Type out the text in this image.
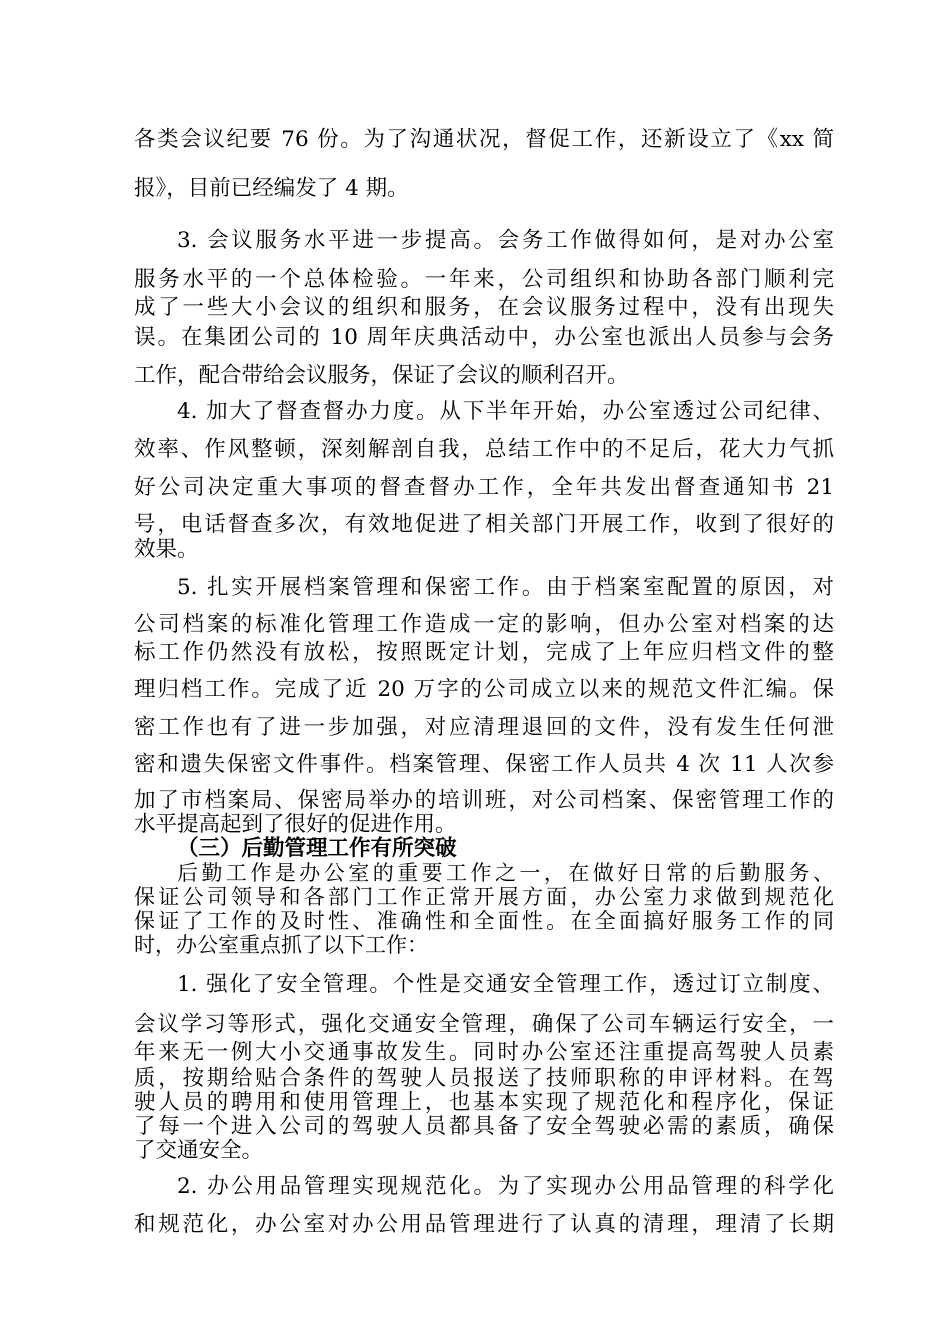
各类会议纪要 76 份。为了沟通状况，督促工作，还新设立了《xx 简

报》，目前已经编发了 4 期。

3. 会议服务水平进一步提高。会务工作做得如何，是对办公室

服务水平的一个总体检验。一年来，公司组织和协助各部门顺利完

成了一些大小会议的组织和服务，在会议服务过程中，没有出现失

误。在集团公司的 10 周年庆典活动中，办公室也派出人员参与会务

工作，配合带给会议服务，保证了会议的顺利召开。

4. 加大了督查督办力度。从下半年开始，办公室透过公司纪律、

效率、作风整顿，深刻解剖自我，总结工作中的不足后，花大力气抓

好公司决定重大事项的督查督办工作，全年共发出督查通知书 21

号，电话督查多次，有效地促进了相关部门开展工作，收到了很好的

效果。

5. 扎实开展档案管理和保密工作。由于档案室配置的原因，对

公司档案的标准化管理工作造成一定的影响，但办公室对档案的达

标工作仍然没有放松，按照既定计划，完成了上年应归档文件的整

理归档工作。完成了近 20 万字的公司成立以来的规范文件汇编。保

密工作也有了进一步加强，对应清理退回的文件，没有发生任何泄

密和遗失保密文件事件。档案管理、保密工作人员共 4 次 11 人次参

加了市档案局、保密局举办的培训班，对公司档案、保密管理工作的

水平提高起到了很好的促进作用。

（三）后勤管理工作有所突破

后勤工作是办公室的重要工作之一，在做好日常的后勤服务、

保证公司领导和各部门工作正常开展方面，办公室力求做到规范化

保证了工作的及时性、准确性和全面性。在全面搞好服务工作的同

时，办公室重点抓了以下工作：

1. 强化了安全管理。个性是交通安全管理工作，透过订立制度、

会议学习等形式，强化交通安全管理，确保了公司车辆运行安全，一

年来无一例大小交通事故发生。同时办公室还注重提高驾驶人员素

质，按期给贴合条件的驾驶人员报送了技师职称的申评材料。在驾

驶人员的聘用和使用管理上，也基本实现了规范化和程序化，保证

了每一个进入公司的驾驶人员都具备了安全驾驶必需的素质，确保

了交通安全。

2. 办公用品管理实现规范化。为了实现办公用品管理的科学化

和规范化，办公室对办公用品管理进行了认真的清理，理清了长期
